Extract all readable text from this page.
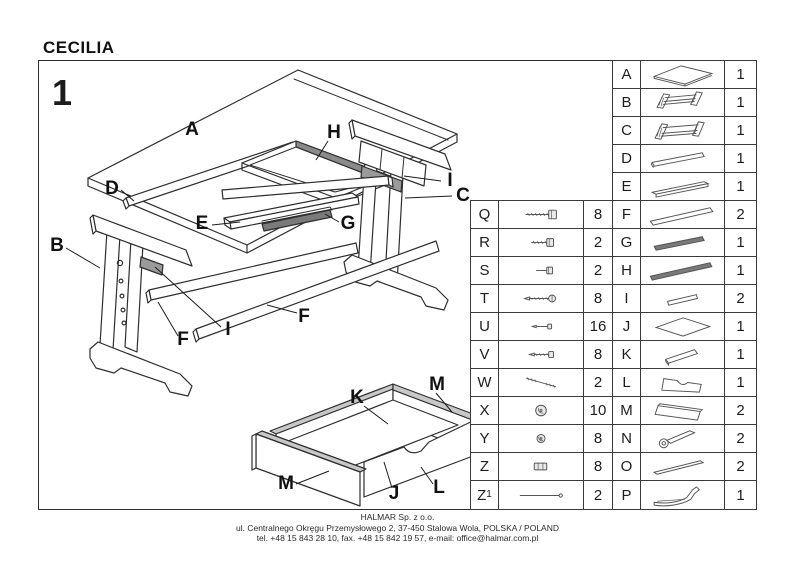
CECILIA
1
A	H
D
E	G
B
C
I
I
F
F
K
M
M	J L
Q	8
R	2
S	2
T	8
U	16
V	8
W	2
X	10
Y	8
Z	8
Z 1	2
A	1
B	1
C	1
D	1
E	1
F	2
G	1
H	1
I	2
J	1
K	1
L	1
M	2
N	2
O	2
P	1
HALMAR Sp. z o.o.
ul. Centralnego Okręgu Przemysłowego 2, 37-450 Stalowa Wola, POLSKA / POLAND
tel. +48 15 843 28 10, fax. +48 15 842 19 57, e-mail: office@halmar.com.pl
